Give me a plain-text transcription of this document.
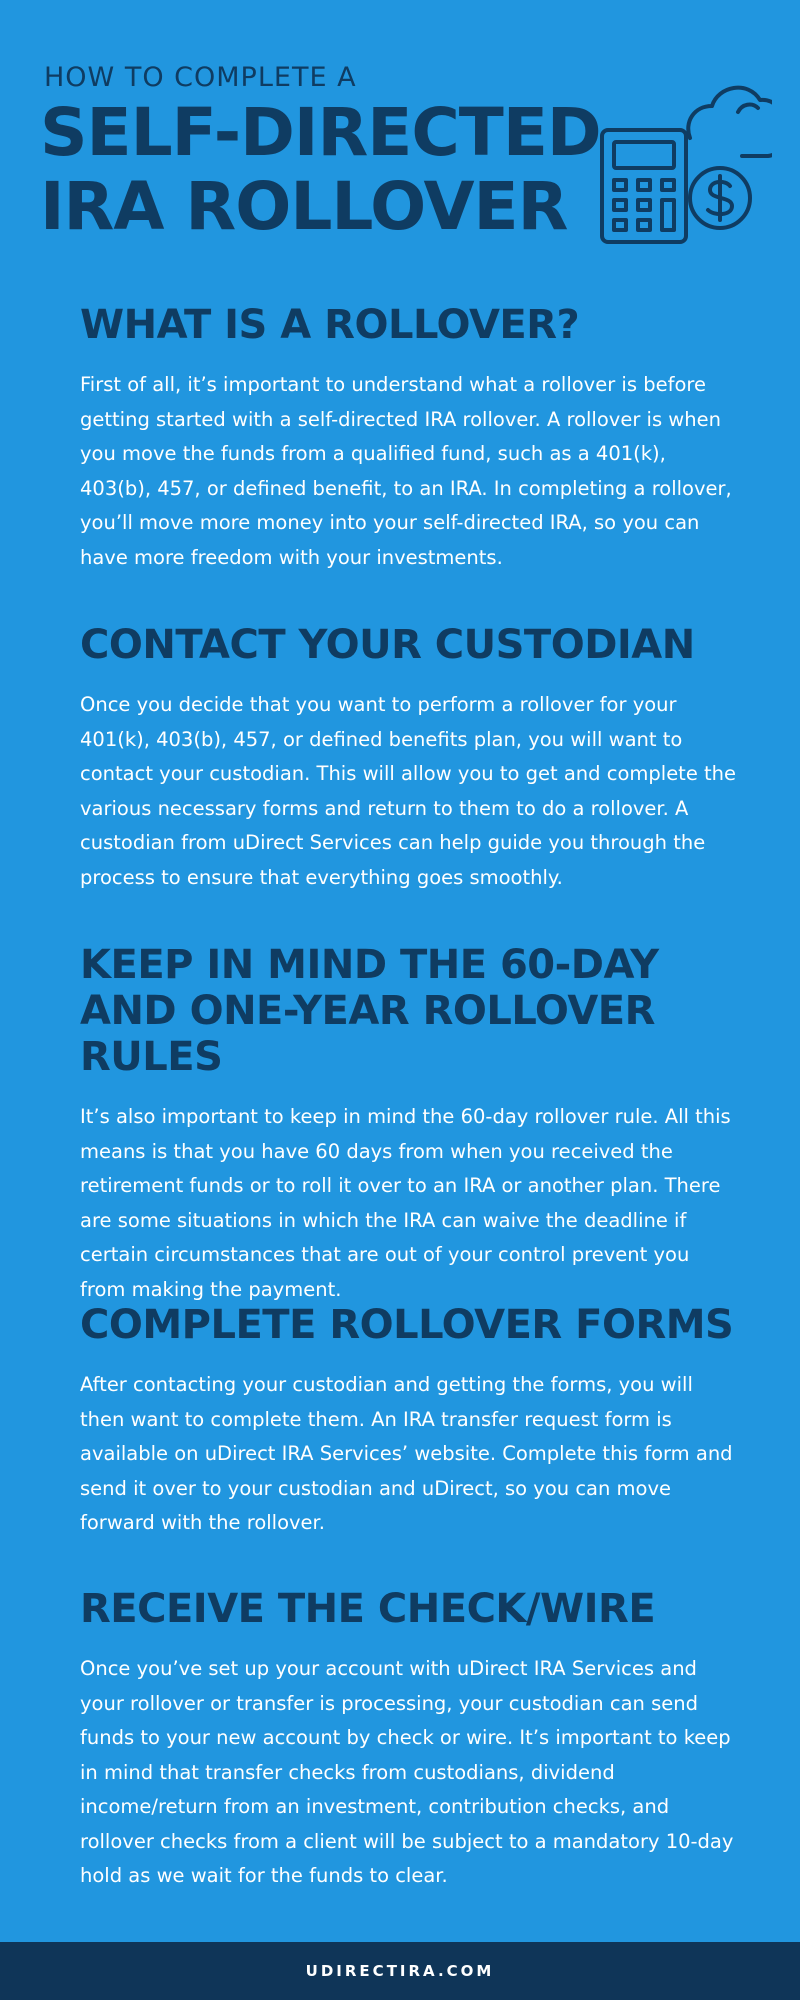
HOW TO COMPLETE A
SELF-DIRECTED
IRA ROLLOVER
WHAT IS A ROLLOVER?

First of all, it’s important to understand what a rollover is before getting started with a self-directed IRA rollover. A rollover is when you move the funds from a qualified fund, such as a 401(k), 403(b), 457, or defined benefit, to an IRA. In completing a rollover, you’ll move more money into your self-directed IRA, so you can have more freedom with your investments.

CONTACT YOUR CUSTODIAN

Once you decide that you want to perform a rollover for your 401(k), 403(b), 457, or defined benefits plan, you will want to contact your custodian. This will allow you to get and complete the various necessary forms and return to them to do a rollover. A custodian from uDirect Services can help guide you through the process to ensure that everything goes smoothly.

KEEP IN MIND THE 60-DAY AND ONE-YEAR ROLLOVER RULES

It’s also important to keep in mind the 60-day rollover rule. All this means is that you have 60 days from when you received the retirement funds or to roll it over to an IRA or another plan. There are some situations in which the IRA can waive the deadline if certain circumstances that are out of your control prevent you from making the payment.

COMPLETE ROLLOVER FORMS

After contacting your custodian and getting the forms, you will then want to complete them. An IRA transfer request form is available on uDirect IRA Services’ website. Complete this form and send it over to your custodian and uDirect, so you can move forward with the rollover.

RECEIVE THE CHECK/WIRE

Once you’ve set up your account with uDirect IRA Services and your rollover or transfer is processing, your custodian can send funds to your new account by check or wire. It’s important to keep in mind that transfer checks from custodians, dividend income/return from an investment, contribution checks, and rollover checks from a client will be subject to a mandatory 10-day hold as we wait for the funds to clear.

UDIRECTIRA.COM
